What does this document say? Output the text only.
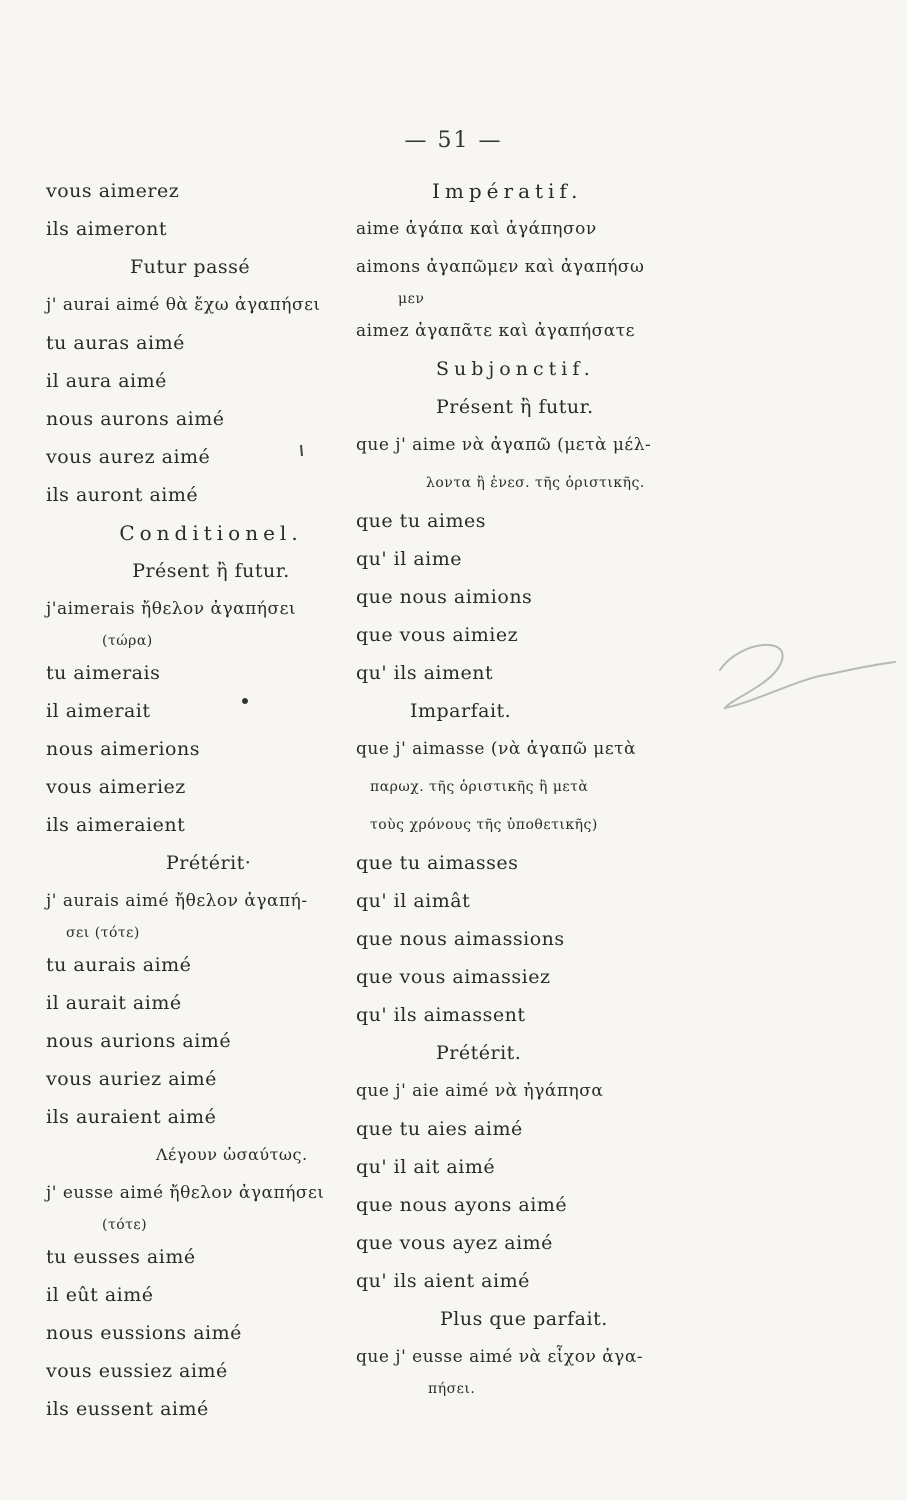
— 51 —
vous aimerez
ils aimeront
Futur passé
j' aurai aimé θὰ ἔχω ἀγαπήσει
tu auras aimé
il aura aimé
nous aurons aimé
vous aurez aimé
ils auront aimé
Conditionel.
Présent ἢ futur.
j'aimerais ἤθελον ἀγαπήσει
(τώρα)
tu aimerais
il aimerait
nous aimerions
vous aimeriez
ils aimeraient
Prétérit·
j' aurais aimé ἤθελον ἀγαπή-
σει (τότε)
tu aurais aimé
il aurait aimé
nous aurions aimé
vous auriez aimé
ils auraient aimé
Λέγουν ὡσαύτως.
j' eusse aimé ἤθελον ἀγαπήσει
(τότε)
tu eusses aimé
il eût aimé
nous eussions aimé
vous eussiez aimé
ils eussent aimé
Impératif.
aime ἀγάπα καὶ ἀγάπησον
aimons ἀγαπῶμεν καὶ ἀγαπήσω
μεν
aimez ἀγαπᾶτε καὶ ἀγαπήσατε
Subjonctif.
Présent ἢ futur.
que j' aime νὰ ἀγαπῶ (μετὰ μέλ-
λοντα ἢ ἐνεσ. τῆς ὁριστικῆς.
que tu aimes
qu' il aime
que nous aimions
que vous aimiez
qu' ils aiment
Imparfait.
que j' aimasse (νὰ ἀγαπῶ μετὰ
παρωχ. τῆς ὁριστικῆς ἢ μετὰ
τοὺς χρόνους τῆς ὑποθετικῆς)
que tu aimasses
qu' il aimât
que nous aimassions
que vous aimassiez
qu' ils aimassent
Prétérit.
que j' aie aimé νὰ ἠγάπησα
que tu aies aimé
qu' il ait aimé
que nous ayons aimé
que vous ayez aimé
qu' ils aient aimé
Plus que parfait.
que j' eusse aimé νὰ εἶχον ἀγα-
πήσει.
